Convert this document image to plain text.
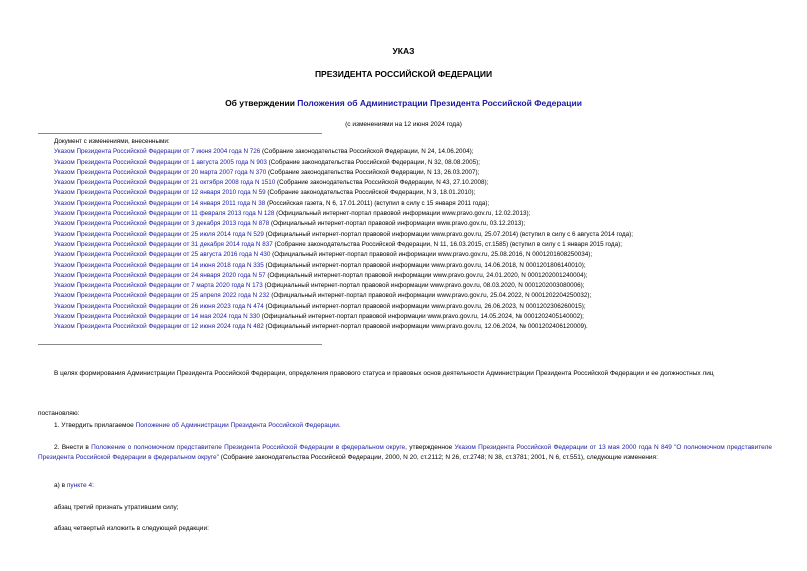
УКАЗ
ПРЕЗИДЕНТА РОССИЙСКОЙ ФЕДЕРАЦИИ
Об утверждении Положения об Администрации Президента Российской Федерации
(с изменениями на 12 июня 2024 года)
Документ с изменениями, внесенными:
Указом Президента Российской Федерации от 7 июня 2004 года N 726 (Собрание законодательства Российской Федерации, N 24, 14.06.2004);
Указом Президента Российской Федерации от 1 августа 2005 года N 903 (Собрание законодательства Российской Федерации, N 32, 08.08.2005);
Указом Президента Российской Федерации от 20 марта 2007 года N 370 (Собрание законодательства Российской Федерации, N 13, 26.03.2007);
Указом Президента Российской Федерации от 21 октября 2008 года N 1510 (Собрание законодательства Российской Федерации, N 43, 27.10.2008);
Указом Президента Российской Федерации от 12 января 2010 года N 59 (Собрание законодательства Российской Федерации, N 3, 18.01.2010);
Указом Президента Российской Федерации от 14 января 2011 года N 38 (Российская газета, N 6, 17.01.2011) (вступил в силу с 15 января 2011 года);
Указом Президента Российской Федерации от 11 февраля 2013 года N 128 (Официальный интернет-портал правовой информации www.pravo.gov.ru, 12.02.2013);
Указом Президента Российской Федерации от 3 декабря 2013 года N 878 (Официальный интернет-портал правовой информации www.pravo.gov.ru, 03.12.2013);
Указом Президента Российской Федерации от 25 июля 2014 года N 529 (Официальный интернет-портал правовой информации www.pravo.gov.ru, 25.07.2014) (вступил в силу с 6 августа 2014 года);
Указом Президента Российской Федерации от 31 декабря 2014 года N 837 (Собрание законодательства Российской Федерации, N 11, 16.03.2015, ст.1585) (вступил в силу с 1 января 2015 года);
Указом Президента Российской Федерации от 25 августа 2016 года N 430 (Официальный интернет-портал правовой информации www.pravo.gov.ru, 25.08.2016, N 0001201608250034);
Указом Президента Российской Федерации от 14 июня 2018 года N 335 (Официальный интернет-портал правовой информации www.pravo.gov.ru, 14.06.2018, N 0001201806140010);
Указом Президента Российской Федерации от 24 января 2020 года N 57 (Официальный интернет-портал правовой информации www.pravo.gov.ru, 24.01.2020, N 0001202001240004);
Указом Президента Российской Федерации от 7 марта 2020 года N 173 (Официальный интернет-портал правовой информации www.pravo.gov.ru, 08.03.2020, N 0001202003080006);
Указом Президента Российской Федерации от 25 апреля 2022 года N 232 (Официальный интернет-портал правовой информации www.pravo.gov.ru, 25.04.2022, N 0001202204250032);
Указом Президента Российской Федерации от 26 июня 2023 года N 474 (Официальный интернет-портал правовой информации www.pravo.gov.ru, 26.06.2023, N 0001202306260015);
Указом Президента Российской Федерации от 14 мая 2024 года N 330 (Официальный интернет-портал правовой информации www.pravo.gov.ru, 14.05.2024, № 0001202405140002);
Указом Президента Российской Федерации от 12 июня 2024 года N 482 (Официальный интернет-портал правовой информации www.pravo.gov.ru, 12.06.2024, № 0001202406120009).
В целях формирования Администрации Президента Российской Федерации, определения правового статуса и правовых основ деятельности Администрации Президента Российской Федерации и ее должностных лиц
постановляю:
1. Утвердить прилагаемое Положение об Администрации Президента Российской Федерации.
2. Внести в Положение о полномочном представителе Президента Российской Федерации в федеральном округе, утвержденное Указом Президента Российской Федерации от 13 мая 2000 года N 849 "О полномочном представителе Президента Российской Федерации в федеральном округе" (Собрание законодательства Российской Федерации, 2000, N 20, ст.2112; N 26, ст.2748; N 38, ст.3781; 2001, N 6, ст.551), следующие изменения:
а) в пункте 4:
абзац третий признать утратившим силу;
абзац четвертый изложить в следующей редакции:
